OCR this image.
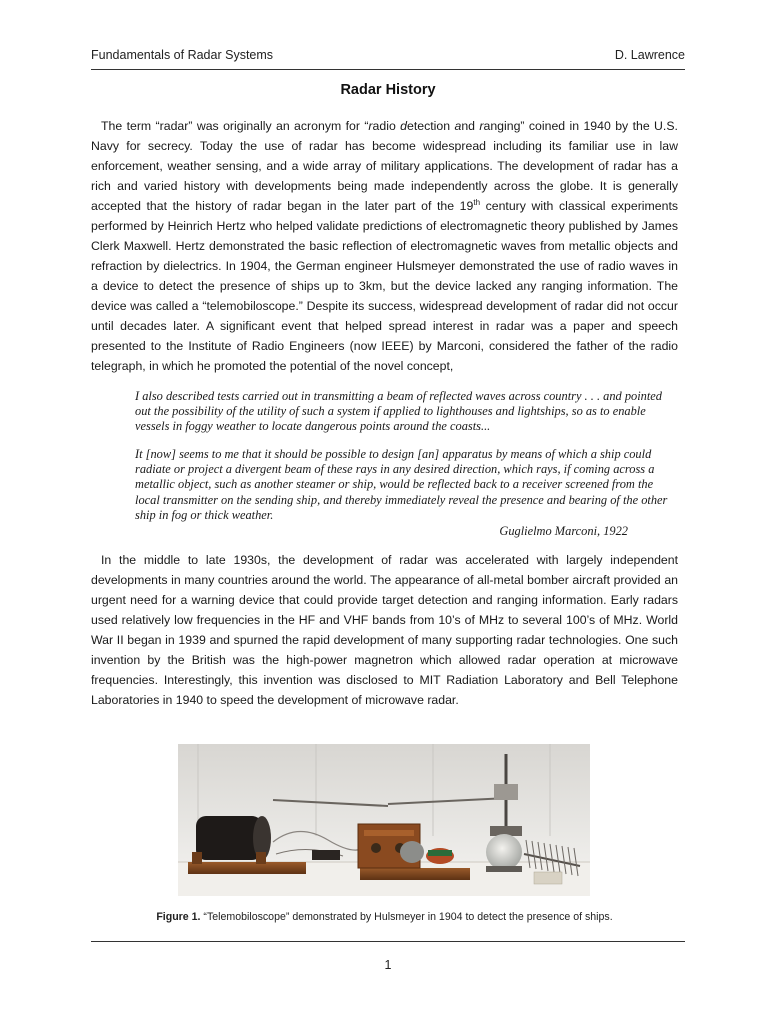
Fundamentals of Radar Systems	D. Lawrence
Radar History

The term “radar” was originally an acronym for “radio detection and ranging” coined in 1940 by the U.S. Navy for secrecy. Today the use of radar has become widespread including its familiar use in law enforcement, weather sensing, and a wide array of military applications. The development of radar has a rich and varied history with developments being made independently across the globe. It is generally accepted that the history of radar began in the later part of the 19th century with classical experiments performed by Heinrich Hertz who helped validate predictions of electromagnetic theory published by James Clerk Maxwell. Hertz demonstrated the basic reflection of electromagnetic waves from metallic objects and refraction by dielectrics. In 1904, the German engineer Hulsmeyer demonstrated the use of radio waves in a device to detect the presence of ships up to 3km, but the device lacked any ranging information. The device was called a “telemobiloscope.” Despite its success, widespread development of radar did not occur until decades later. A significant event that helped spread interest in radar was a paper and speech presented to the Institute of Radio Engineers (now IEEE) by Marconi, considered the father of the radio telegraph, in which he promoted the potential of the novel concept,

I also described tests carried out in transmitting a beam of reflected waves across country . . . and pointed out the possibility of the utility of such a system if applied to lighthouses and lightships, so as to enable vessels in foggy weather to locate dangerous points around the coasts...

It [now] seems to me that it should be possible to design [an] apparatus by means of which a ship could radiate or project a divergent beam of these rays in any desired direction, which rays, if coming across a metallic object, such as another steamer or ship, would be reflected back to a receiver screened from the local transmitter on the sending ship, and thereby immediately reveal the presence and bearing of the other ship in fog or thick weather.

Guglielmo Marconi, 1922

In the middle to late 1930s, the development of radar was accelerated with largely independent developments in many countries around the world. The appearance of all-metal bomber aircraft provided an urgent need for a warning device that could provide target detection and ranging information. Early radars used relatively low frequencies in the HF and VHF bands from 10’s of MHz to several 100’s of MHz. World War II began in 1939 and spurned the rapid development of many supporting radar technologies. One such invention by the British was the high-power magnetron which allowed radar operation at microwave frequencies. Interestingly, this invention was disclosed to MIT Radiation Laboratory and Bell Telephone Laboratories in 1940 to speed the development of microwave radar.

Figure 1. “Telemobiloscope” demonstrated by Hulsmeyer in 1904 to detect the presence of ships.
1
